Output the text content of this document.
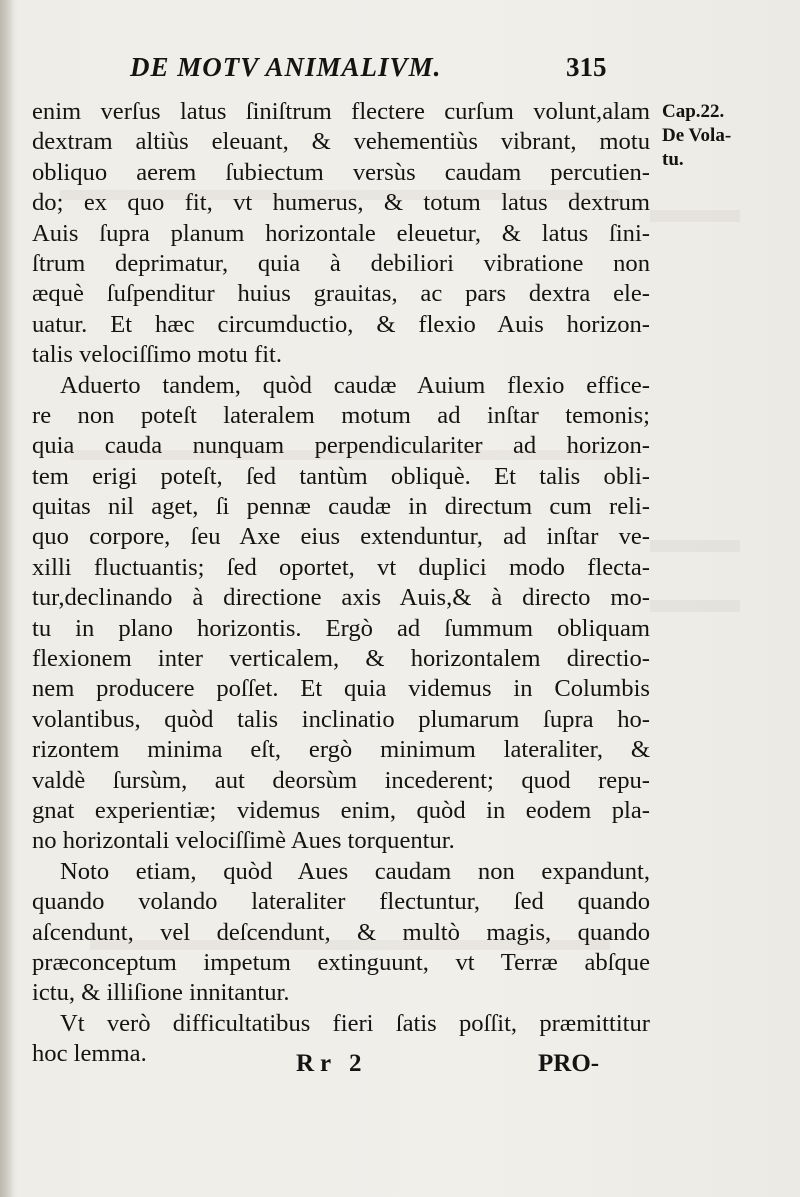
DE MOTV ANIMALIVM.	315
Cap.22.
De Vola-
tu.
enim verſus latus ſiniſtrum flectere curſum volunt,alam
dextram altiùs eleuant, & vehementiùs vibrant, motu
obliquo aerem ſubiectum versùs caudam percutien-
do; ex quo fit, vt humerus, & totum latus dextrum
Auis ſupra planum horizontale eleuetur, & latus ſini-
ſtrum deprimatur, quia à debiliori vibratione non
æquè ſuſpenditur huius grauitas, ac pars dextra ele-
uatur. Et hæc circumductio, & flexio Auis horizon-
talis velociſſimo motu fit.
Aduerto tandem, quòd caudæ Auium flexio effice-
re non poteſt lateralem motum ad inſtar temonis;
quia cauda nunquam perpendiculariter ad horizon-
tem erigi poteſt, ſed tantùm obliquè. Et talis obli-
quitas nil aget, ſi pennæ caudæ in directum cum reli-
quo corpore, ſeu Axe eius extenduntur, ad inſtar ve-
xilli fluctuantis; ſed oportet, vt duplici modo flecta-
tur,declinando à directione axis Auis,& à directo mo-
tu in plano horizontis. Ergò ad ſummum obliquam
flexionem inter verticalem, & horizontalem directio-
nem producere poſſet. Et quia videmus in Columbis
volantibus, quòd talis inclinatio plumarum ſupra ho-
rizontem minima eſt, ergò minimum lateraliter, &
valdè ſursùm, aut deorsùm incederent; quod repu-
gnat experientiæ; videmus enim, quòd in eodem pla-
no horizontali velociſſimè Aues torquentur.
Noto etiam, quòd Aues caudam non expandunt,
quando volando lateraliter flectuntur, ſed quando
aſcendunt, vel deſcendunt, & multò magis, quando
præconceptum impetum extinguunt, vt Terræ abſque
ictu, & illiſione innitantur.
Vt verò difficultatibus fieri ſatis poſſit, præmittitur
hoc lemma.	Rr 2	PRO-
